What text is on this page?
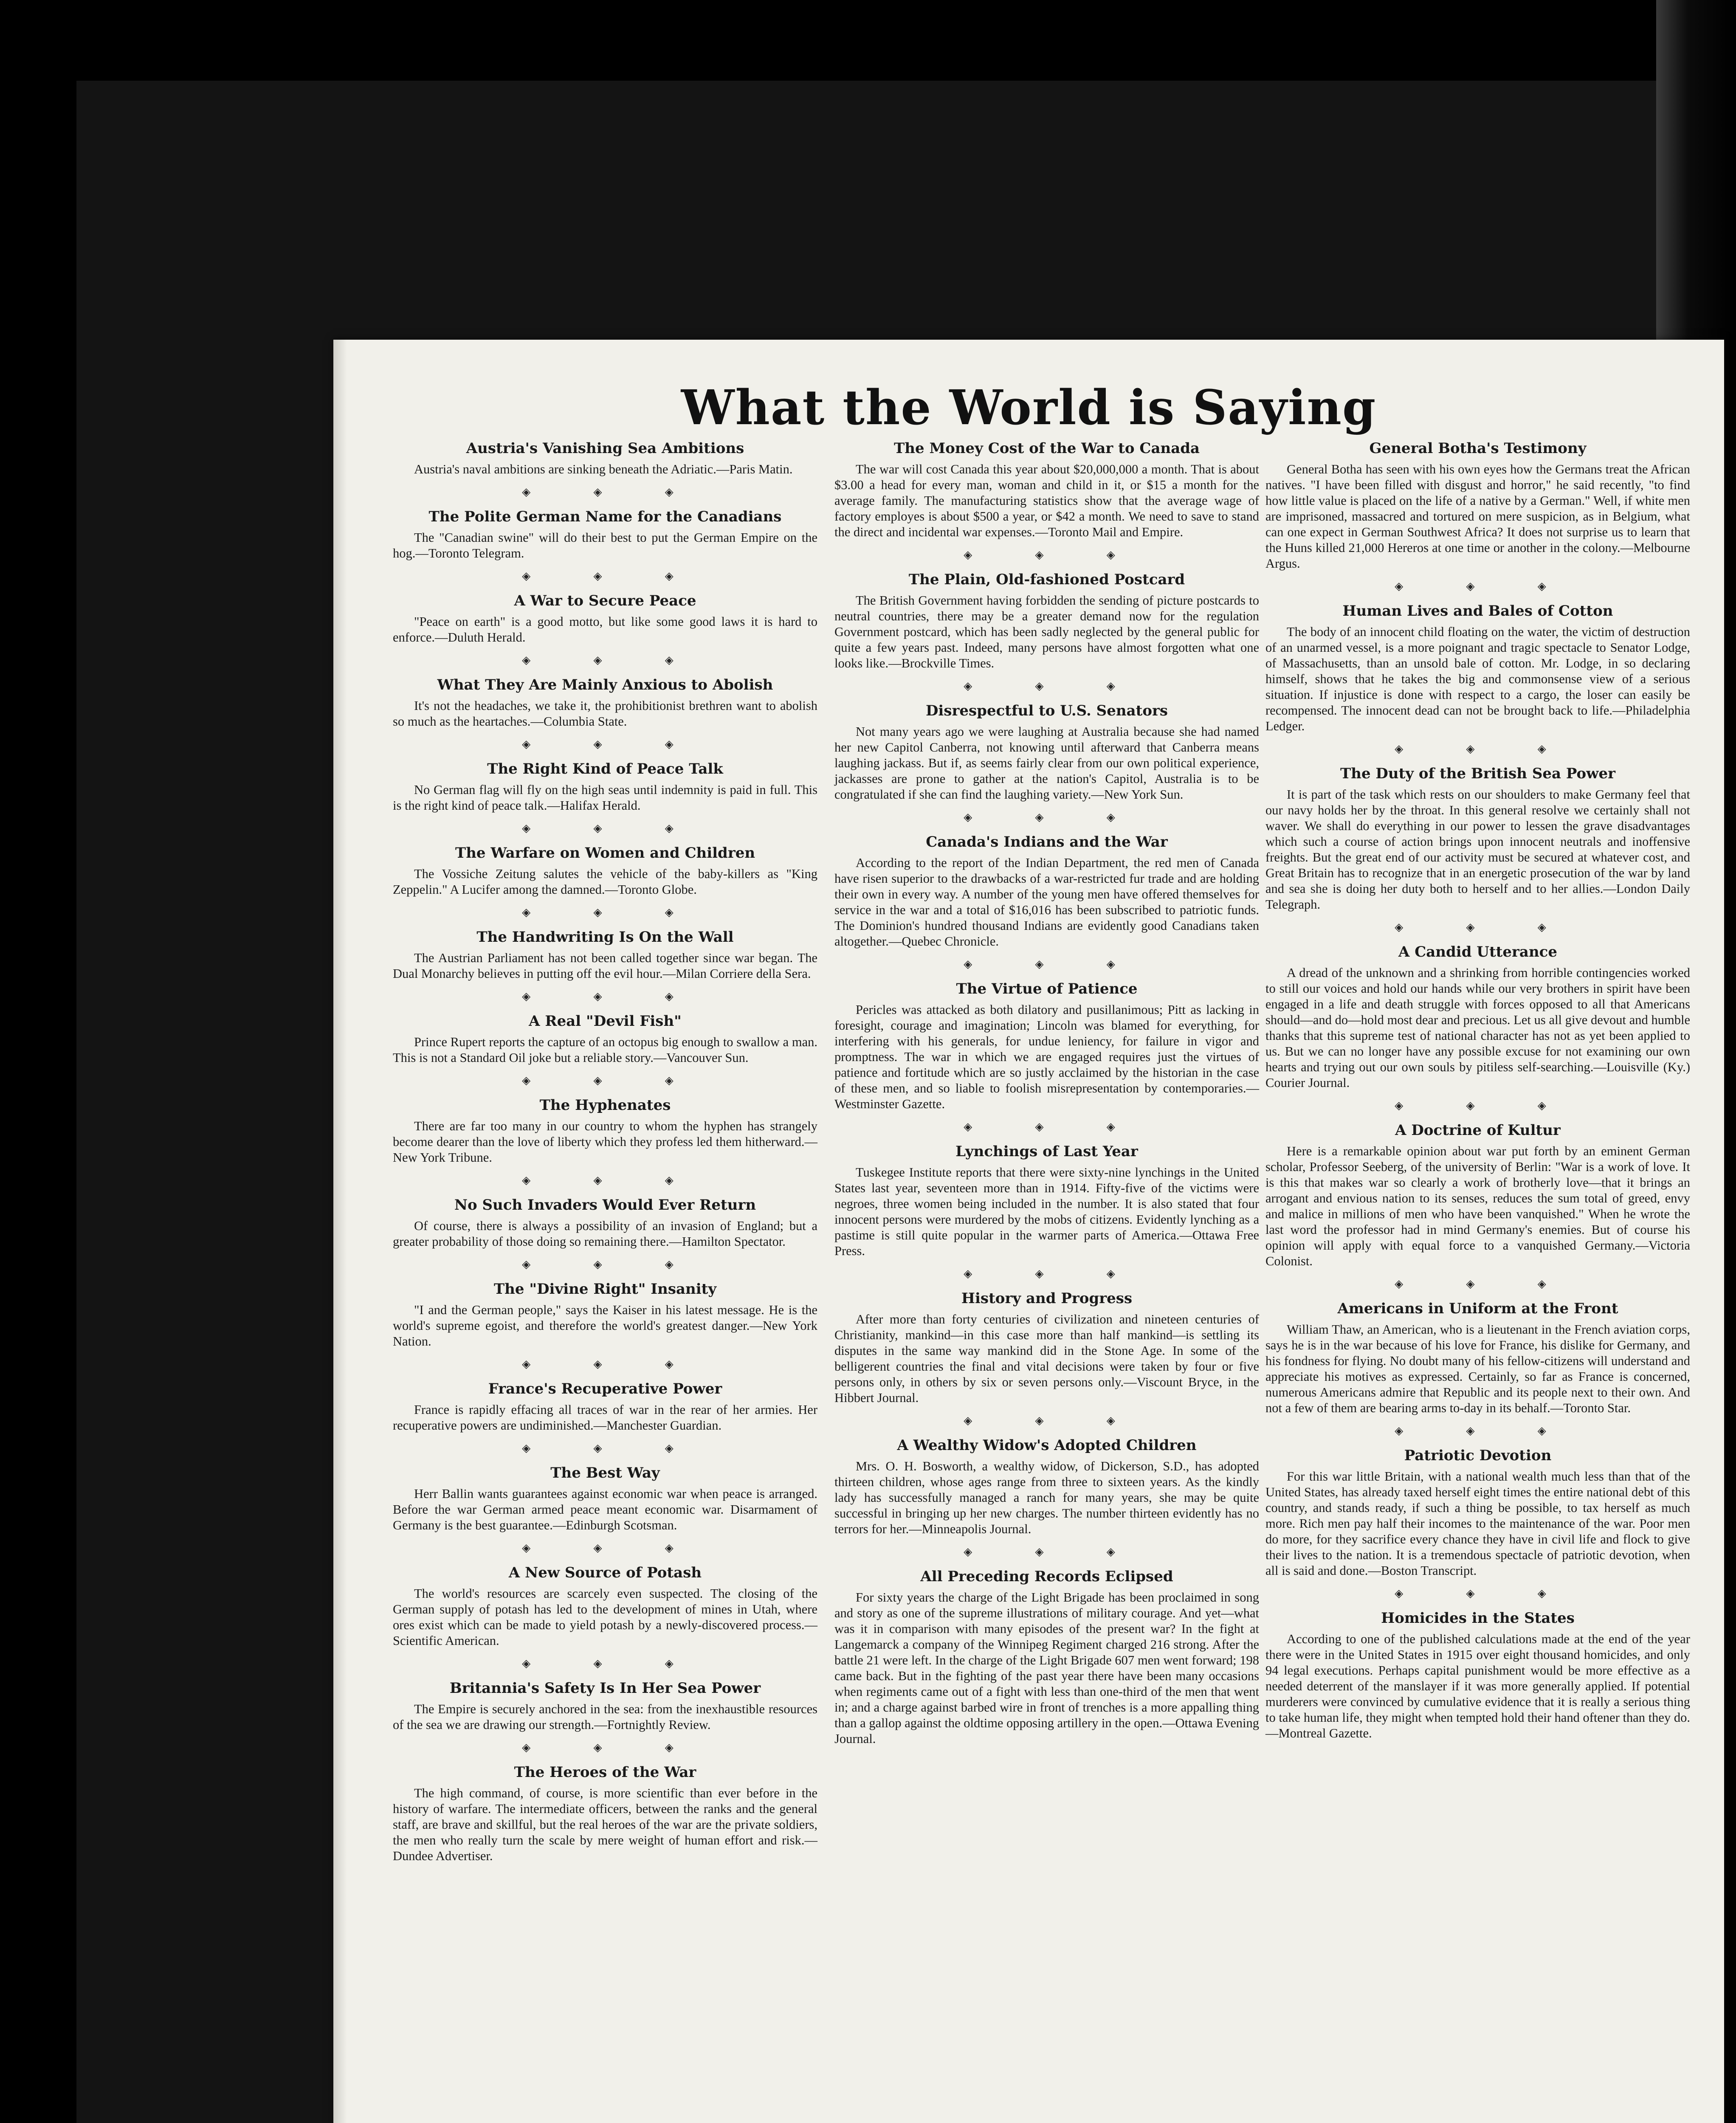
What the World is Saying
Austria's Vanishing Sea Ambitions

Austria's naval ambitions are sinking beneath the Adriatic.—Paris Matin.

◈ ◈ ◈
The Polite German Name for the Canadians

The "Canadian swine" will do their best to put the German Empire on the hog.—Toronto Telegram.

◈ ◈ ◈
A War to Secure Peace

"Peace on earth" is a good motto, but like some good laws it is hard to enforce.—Duluth Herald.

◈ ◈ ◈
What They Are Mainly Anxious to Abolish

It's not the headaches, we take it, the prohibitionist brethren want to abolish so much as the heartaches.—Columbia State.

◈ ◈ ◈
The Right Kind of Peace Talk

No German flag will fly on the high seas until indemnity is paid in full. This is the right kind of peace talk.—Halifax Herald.

◈ ◈ ◈
The Warfare on Women and Children

The Vossiche Zeitung salutes the vehicle of the baby-killers as "King Zeppelin." A Lucifer among the damned.—Toronto Globe.

◈ ◈ ◈
The Handwriting Is On the Wall

The Austrian Parliament has not been called together since war began. The Dual Monarchy believes in putting off the evil hour.—Milan Corriere della Sera.

◈ ◈ ◈
A Real "Devil Fish"

Prince Rupert reports the capture of an octopus big enough to swallow a man. This is not a Standard Oil joke but a reliable story.—Vancouver Sun.

◈ ◈ ◈
The Hyphenates

There are far too many in our country to whom the hyphen has strangely become dearer than the love of liberty which they profess led them hitherward.—New York Tribune.

◈ ◈ ◈
No Such Invaders Would Ever Return

Of course, there is always a possibility of an invasion of England; but a greater probability of those doing so remaining there.—Hamilton Spectator.

◈ ◈ ◈
The "Divine Right" Insanity

"I and the German people," says the Kaiser in his latest message. He is the world's supreme egoist, and therefore the world's greatest danger.—New York Nation.

◈ ◈ ◈
France's Recuperative Power

France is rapidly effacing all traces of war in the rear of her armies. Her recuperative powers are undiminished.—Manchester Guardian.

◈ ◈ ◈
The Best Way

Herr Ballin wants guarantees against economic war when peace is arranged. Before the war German armed peace meant economic war. Disarmament of Germany is the best guarantee.—Edinburgh Scotsman.

◈ ◈ ◈
A New Source of Potash

The world's resources are scarcely even suspected. The closing of the German supply of potash has led to the development of mines in Utah, where ores exist which can be made to yield potash by a newly-discovered process.—Scientific American.

◈ ◈ ◈
Britannia's Safety Is In Her Sea Power

The Empire is securely anchored in the sea: from the inexhaustible resources of the sea we are drawing our strength.—Fortnightly Review.

◈ ◈ ◈
The Heroes of the War

The high command, of course, is more scientific than ever before in the history of warfare. The intermediate officers, between the ranks and the general staff, are brave and skillful, but the real heroes of the war are the private soldiers, the men who really turn the scale by mere weight of human effort and risk.—Dundee Advertiser.

The Money Cost of the War to Canada

The war will cost Canada this year about $20,000,000 a month. That is about $3.00 a head for every man, woman and child in it, or $15 a month for the average family. The manufacturing statistics show that the average wage of factory employes is about $500 a year, or $42 a month. We need to save to stand the direct and incidental war expenses.—Toronto Mail and Empire.

◈ ◈ ◈
The Plain, Old-fashioned Postcard

The British Government having forbidden the sending of picture postcards to neutral countries, there may be a greater demand now for the regulation Government postcard, which has been sadly neglected by the general public for quite a few years past. Indeed, many persons have almost forgotten what one looks like.—Brockville Times.

◈ ◈ ◈
Disrespectful to U.S. Senators

Not many years ago we were laughing at Australia because she had named her new Capitol Canberra, not knowing until afterward that Canberra means laughing jackass. But if, as seems fairly clear from our own political experience, jackasses are prone to gather at the nation's Capitol, Australia is to be congratulated if she can find the laughing variety.—New York Sun.

◈ ◈ ◈
Canada's Indians and the War

According to the report of the Indian Department, the red men of Canada have risen superior to the drawbacks of a war-restricted fur trade and are holding their own in every way. A number of the young men have offered themselves for service in the war and a total of $16,016 has been subscribed to patriotic funds. The Dominion's hundred thousand Indians are evidently good Canadians taken altogether.—Quebec Chronicle.

◈ ◈ ◈
The Virtue of Patience

Pericles was attacked as both dilatory and pusillanimous; Pitt as lacking in foresight, courage and imagination; Lincoln was blamed for everything, for interfering with his generals, for undue leniency, for failure in vigor and promptness. The war in which we are engaged requires just the virtues of patience and fortitude which are so justly acclaimed by the historian in the case of these men, and so liable to foolish misrepresentation by contemporaries.—Westminster Gazette.

◈ ◈ ◈
Lynchings of Last Year

Tuskegee Institute reports that there were sixty-nine lynchings in the United States last year, seventeen more than in 1914. Fifty-five of the victims were negroes, three women being included in the number. It is also stated that four innocent persons were murdered by the mobs of citizens. Evidently lynching as a pastime is still quite popular in the warmer parts of America.—Ottawa Free Press.

◈ ◈ ◈
History and Progress

After more than forty centuries of civilization and nineteen centuries of Christianity, mankind—in this case more than half mankind—is settling its disputes in the same way mankind did in the Stone Age. In some of the belligerent countries the final and vital decisions were taken by four or five persons only, in others by six or seven persons only.—Viscount Bryce, in the Hibbert Journal.

◈ ◈ ◈
A Wealthy Widow's Adopted Children

Mrs. O. H. Bosworth, a wealthy widow, of Dickerson, S.D., has adopted thirteen children, whose ages range from three to sixteen years. As the kindly lady has successfully managed a ranch for many years, she may be quite successful in bringing up her new charges. The number thirteen evidently has no terrors for her.—Minneapolis Journal.

◈ ◈ ◈
All Preceding Records Eclipsed

For sixty years the charge of the Light Brigade has been proclaimed in song and story as one of the supreme illustrations of military courage. And yet—what was it in comparison with many episodes of the present war? In the fight at Langemarck a company of the Winnipeg Regiment charged 216 strong. After the battle 21 were left. In the charge of the Light Brigade 607 men went forward; 198 came back. But in the fighting of the past year there have been many occasions when regiments came out of a fight with less than one-third of the men that went in; and a charge against barbed wire in front of trenches is a more appalling thing than a gallop against the oldtime opposing artillery in the open.—Ottawa Evening Journal.

General Botha's Testimony

General Botha has seen with his own eyes how the Germans treat the African natives. "I have been filled with disgust and horror," he said recently, "to find how little value is placed on the life of a native by a German." Well, if white men are imprisoned, massacred and tortured on mere suspicion, as in Belgium, what can one expect in German Southwest Africa? It does not surprise us to learn that the Huns killed 21,000 Hereros at one time or another in the colony.—Melbourne Argus.

◈ ◈ ◈
Human Lives and Bales of Cotton

The body of an innocent child floating on the water, the victim of destruction of an unarmed vessel, is a more poignant and tragic spectacle to Senator Lodge, of Massachusetts, than an unsold bale of cotton. Mr. Lodge, in so declaring himself, shows that he takes the big and commonsense view of a serious situation. If injustice is done with respect to a cargo, the loser can easily be recompensed. The innocent dead can not be brought back to life.—Philadelphia Ledger.

◈ ◈ ◈
The Duty of the British Sea Power

It is part of the task which rests on our shoulders to make Germany feel that our navy holds her by the throat. In this general resolve we certainly shall not waver. We shall do everything in our power to lessen the grave disadvantages which such a course of action brings upon innocent neutrals and inoffensive freights. But the great end of our activity must be secured at whatever cost, and Great Britain has to recognize that in an energetic prosecution of the war by land and sea she is doing her duty both to herself and to her allies.—London Daily Telegraph.

◈ ◈ ◈
A Candid Utterance

A dread of the unknown and a shrinking from horrible contingencies worked to still our voices and hold our hands while our very brothers in spirit have been engaged in a life and death struggle with forces opposed to all that Americans should—and do—hold most dear and precious. Let us all give devout and humble thanks that this supreme test of national character has not as yet been applied to us. But we can no longer have any possible excuse for not examining our own hearts and trying out our own souls by pitiless self-searching.—Louisville (Ky.) Courier Journal.

◈ ◈ ◈
A Doctrine of Kultur

Here is a remarkable opinion about war put forth by an eminent German scholar, Professor Seeberg, of the university of Berlin: "War is a work of love. It is this that makes war so clearly a work of brotherly love—that it brings an arrogant and envious nation to its senses, reduces the sum total of greed, envy and malice in millions of men who have been vanquished." When he wrote the last word the professor had in mind Germany's enemies. But of course his opinion will apply with equal force to a vanquished Germany.—Victoria Colonist.

◈ ◈ ◈
Americans in Uniform at the Front

William Thaw, an American, who is a lieutenant in the French aviation corps, says he is in the war because of his love for France, his dislike for Germany, and his fondness for flying. No doubt many of his fellow-citizens will understand and appreciate his motives as expressed. Certainly, so far as France is concerned, numerous Americans admire that Republic and its people next to their own. And not a few of them are bearing arms to-day in its behalf.—Toronto Star.

◈ ◈ ◈
Patriotic Devotion

For this war little Britain, with a national wealth much less than that of the United States, has already taxed herself eight times the entire national debt of this country, and stands ready, if such a thing be possible, to tax herself as much more. Rich men pay half their incomes to the maintenance of the war. Poor men do more, for they sacrifice every chance they have in civil life and flock to give their lives to the nation. It is a tremendous spectacle of patriotic devotion, when all is said and done.—Boston Transcript.

◈ ◈ ◈
Homicides in the States

According to one of the published calculations made at the end of the year there were in the United States in 1915 over eight thousand homicides, and only 94 legal executions. Perhaps capital punishment would be more effective as a needed deterrent of the manslayer if it was more generally applied. If potential murderers were convinced by cumulative evidence that it is really a serious thing to take human life, they might when tempted hold their hand oftener than they do.—Montreal Gazette.
